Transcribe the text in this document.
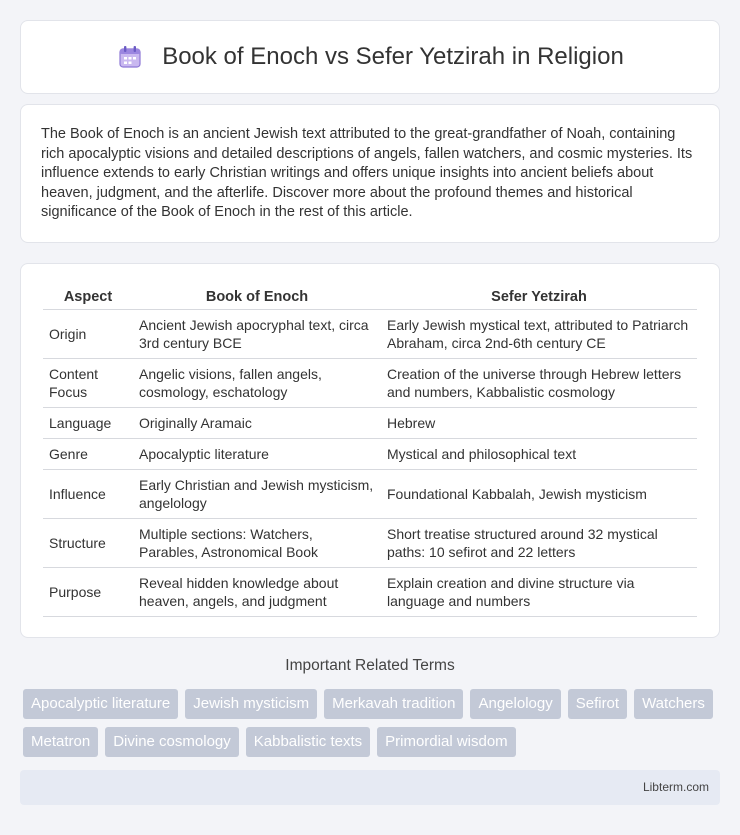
Book of Enoch vs Sefer Yetzirah in Religion

The Book of Enoch is an ancient Jewish text attributed to the great-grandfather of Noah, containing rich apocalyptic visions and detailed descriptions of angels, fallen watchers, and cosmic mysteries. Its influence extends to early Christian writings and offers unique insights into ancient beliefs about heaven, judgment, and the afterlife. Discover more about the profound themes and historical significance of the Book of Enoch in the rest of this article.

Aspect	Book of Enoch	Sefer Yetzirah
Origin	Ancient Jewish apocryphal text, circa 3rd century BCE	Early Jewish mystical text, attributed to Patriarch Abraham, circa 2nd-6th century CE
Content Focus	Angelic visions, fallen angels, cosmology, eschatology	Creation of the universe through Hebrew letters and numbers, Kabbalistic cosmology
Language	Originally Aramaic	Hebrew
Genre	Apocalyptic literature	Mystical and philosophical text
Influence	Early Christian and Jewish mysticism, angelology	Foundational Kabbalah, Jewish mysticism
Structure	Multiple sections: Watchers, Parables, Astronomical Book	Short treatise structured around 32 mystical paths: 10 sefirot and 22 letters
Purpose	Reveal hidden knowledge about heaven, angels, and judgment	Explain creation and divine structure via language and numbers
Important Related Terms
Apocalyptic literature	Jewish mysticism	Merkavah tradition	Angelology	Sefirot	Watchers
Metatron	Divine cosmology	Kabbalistic texts	Primordial wisdom
Libterm.com
